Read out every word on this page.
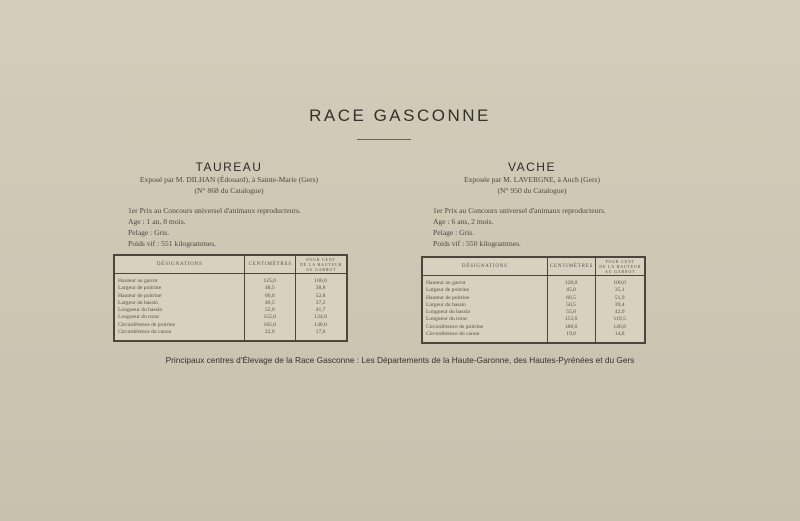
RACE GASCONNE
TAUREAU
Exposé par M. DILHAN (Édouard), à Sainte-Marie (Gers)
(N° 868 du Catalogue)
1er Prix au Concours universel d'animaux reproducteurs.
Age : 1 an, 8 mois.
Pelage : Gris.
Poids vif : 551 kilogrammes.
VACHE
Exposée par M. LAVERGNE, à Auch (Gers)
(N° 950 du Catalogue)
1er Prix au Concours universel d'animaux reproducteurs.
Age : 6 ans, 2 mois.
Pelage : Gris.
Poids vif : 550 kilogrammes.
DÉSIGNATIONS	CENTIMÈTRES
POUR CENT
DE LA HAUTEUR AU GARROT
Hauteur au garrot	125,0	100,0
Largeur de poitrine	48,5	38,8
Hauteur de poitrine	66,0	52,8
Largeur du bassin	46,5	37,2
Longueur du bassin	52,0	41,7
Longueur du tronc	155,0	124,0
Circonférence de poitrine	185,0	148,0
Circonférence du canon	22,0	17,6
DÉSIGNATIONS	CENTIMÈTRES
POUR CENT
DE LA HAUTEUR AU GARROT
Hauteur au garrot	128,0	100,0
Largeur de poitrine	45,0	35,1
Hauteur de poitrine	66,5	51,9
Largeur du bassin	50,5	39,4
Longueur du bassin	55,0	42,9
Longueur du tronc	153,0	119,5
Circonférence de poitrine	188,0	146,8
Circonférence du canon	19,0	14,8
Principaux centres d'Élevage de la Race Gasconne : Les Départements de la Haute-Garonne, des Hautes-Pyrénées et du Gers
